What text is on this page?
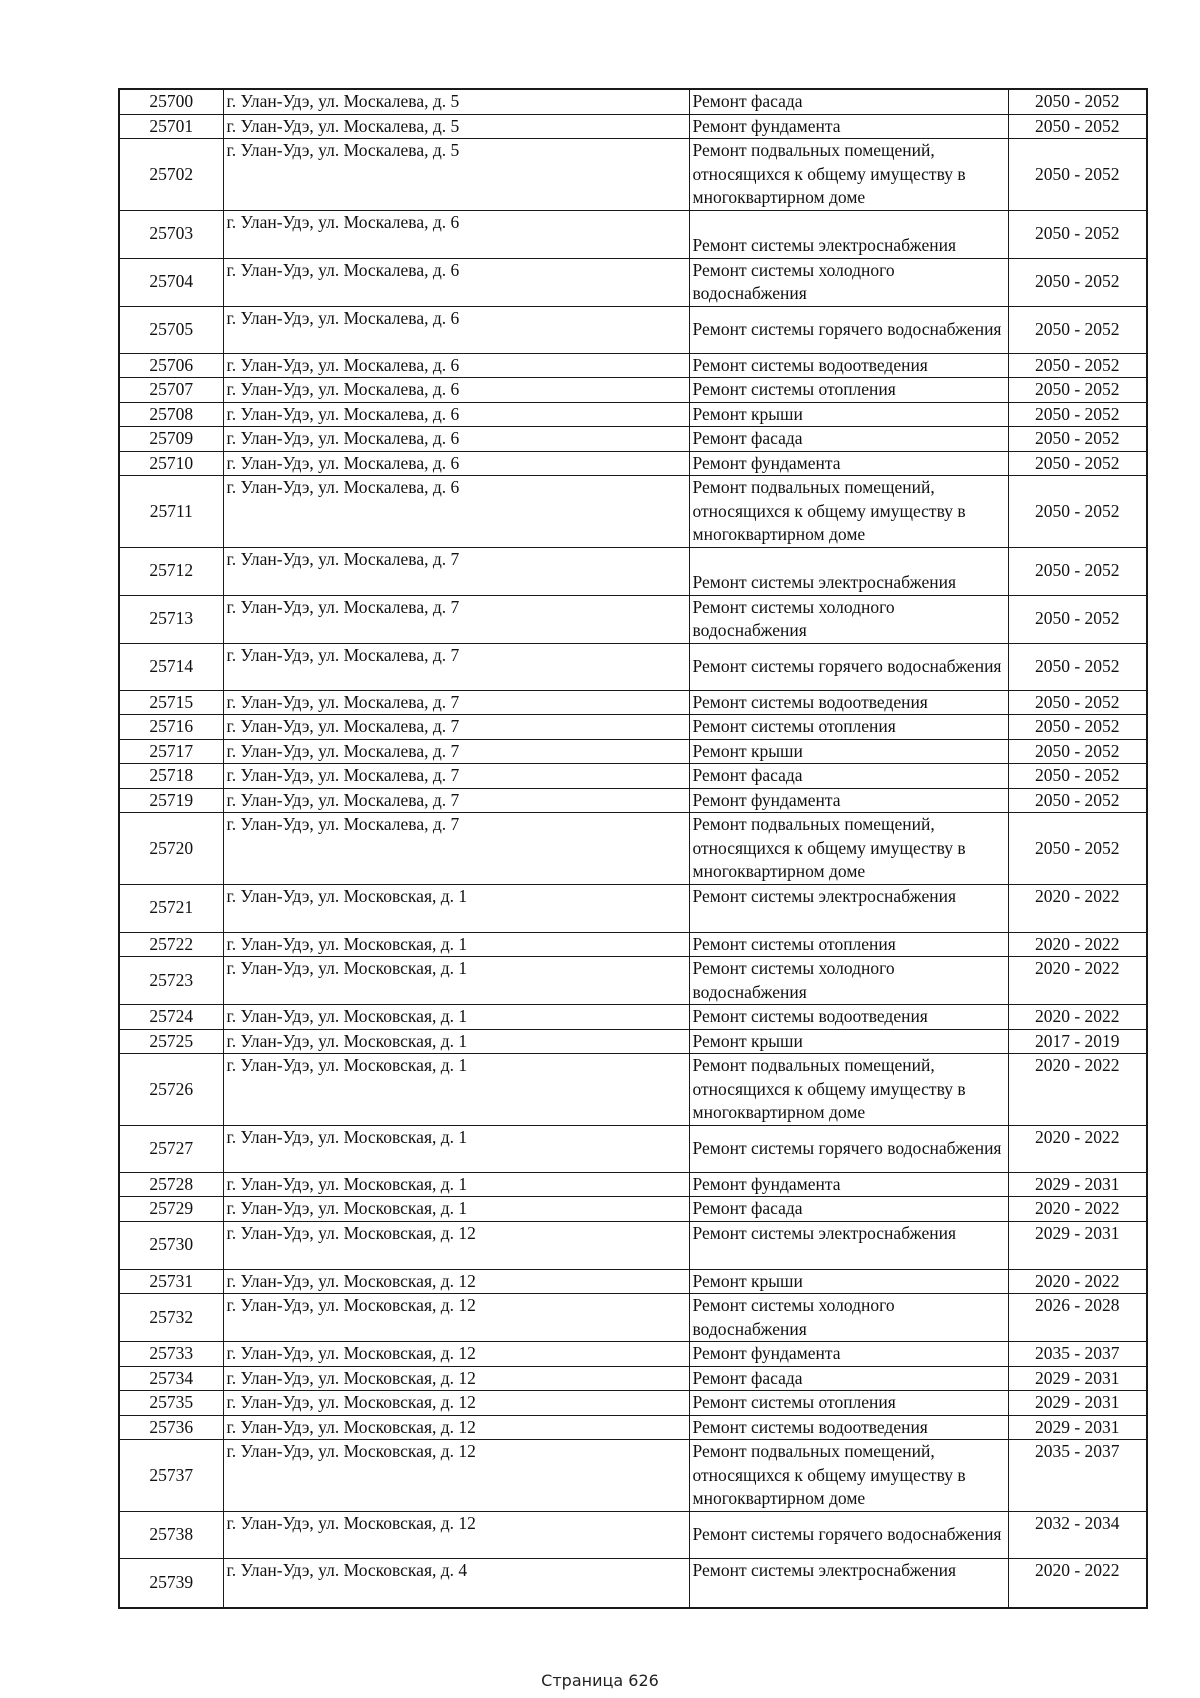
25700	г. Улан-Удэ, ул. Москалева, д. 5	Ремонт фасада	2050 - 2052
25701	г. Улан-Удэ, ул. Москалева, д. 5	Ремонт фундамента	2050 - 2052
25702	г. Улан-Удэ, ул. Москалева, д. 5	Ремонт подвальных помещений, относящихся к общему имуществу в многоквартирном доме	2050 - 2052
25703	г. Улан-Удэ, ул. Москалева, д. 6	Ремонт системы электроснабжения	2050 - 2052
25704	г. Улан-Удэ, ул. Москалева, д. 6	Ремонт системы холодного водоснабжения	2050 - 2052
25705	г. Улан-Удэ, ул. Москалева, д. 6	Ремонт системы горячего водоснабжения	2050 - 2052
25706	г. Улан-Удэ, ул. Москалева, д. 6	Ремонт системы водоотведения	2050 - 2052
25707	г. Улан-Удэ, ул. Москалева, д. 6	Ремонт системы отопления	2050 - 2052
25708	г. Улан-Удэ, ул. Москалева, д. 6	Ремонт крыши	2050 - 2052
25709	г. Улан-Удэ, ул. Москалева, д. 6	Ремонт фасада	2050 - 2052
25710	г. Улан-Удэ, ул. Москалева, д. 6	Ремонт фундамента	2050 - 2052
25711	г. Улан-Удэ, ул. Москалева, д. 6	Ремонт подвальных помещений, относящихся к общему имуществу в многоквартирном доме	2050 - 2052
25712	г. Улан-Удэ, ул. Москалева, д. 7	Ремонт системы электроснабжения	2050 - 2052
25713	г. Улан-Удэ, ул. Москалева, д. 7	Ремонт системы холодного водоснабжения	2050 - 2052
25714	г. Улан-Удэ, ул. Москалева, д. 7	Ремонт системы горячего водоснабжения	2050 - 2052
25715	г. Улан-Удэ, ул. Москалева, д. 7	Ремонт системы водоотведения	2050 - 2052
25716	г. Улан-Удэ, ул. Москалева, д. 7	Ремонт системы отопления	2050 - 2052
25717	г. Улан-Удэ, ул. Москалева, д. 7	Ремонт крыши	2050 - 2052
25718	г. Улан-Удэ, ул. Москалева, д. 7	Ремонт фасада	2050 - 2052
25719	г. Улан-Удэ, ул. Москалева, д. 7	Ремонт фундамента	2050 - 2052
25720	г. Улан-Удэ, ул. Москалева, д. 7	Ремонт подвальных помещений, относящихся к общему имуществу в многоквартирном доме	2050 - 2052
25721	г. Улан-Удэ, ул. Московская, д. 1	Ремонт системы электроснабжения	2020 - 2022
25722	г. Улан-Удэ, ул. Московская, д. 1	Ремонт системы отопления	2020 - 2022
25723	г. Улан-Удэ, ул. Московская, д. 1	Ремонт системы холодного водоснабжения	2020 - 2022
25724	г. Улан-Удэ, ул. Московская, д. 1	Ремонт системы водоотведения	2020 - 2022
25725	г. Улан-Удэ, ул. Московская, д. 1	Ремонт крыши	2017 - 2019
25726	г. Улан-Удэ, ул. Московская, д. 1	Ремонт подвальных помещений, относящихся к общему имуществу в многоквартирном доме	2020 - 2022
25727	г. Улан-Удэ, ул. Московская, д. 1	Ремонт системы горячего водоснабжения	2020 - 2022
25728	г. Улан-Удэ, ул. Московская, д. 1	Ремонт фундамента	2029 - 2031
25729	г. Улан-Удэ, ул. Московская, д. 1	Ремонт фасада	2020 - 2022
25730	г. Улан-Удэ, ул. Московская, д. 12	Ремонт системы электроснабжения	2029 - 2031
25731	г. Улан-Удэ, ул. Московская, д. 12	Ремонт крыши	2020 - 2022
25732	г. Улан-Удэ, ул. Московская, д. 12	Ремонт системы холодного водоснабжения	2026 - 2028
25733	г. Улан-Удэ, ул. Московская, д. 12	Ремонт фундамента	2035 - 2037
25734	г. Улан-Удэ, ул. Московская, д. 12	Ремонт фасада	2029 - 2031
25735	г. Улан-Удэ, ул. Московская, д. 12	Ремонт системы отопления	2029 - 2031
25736	г. Улан-Удэ, ул. Московская, д. 12	Ремонт системы водоотведения	2029 - 2031
25737	г. Улан-Удэ, ул. Московская, д. 12	Ремонт подвальных помещений, относящихся к общему имуществу в многоквартирном доме	2035 - 2037
25738	г. Улан-Удэ, ул. Московская, д. 12	Ремонт системы горячего водоснабжения	2032 - 2034
25739	г. Улан-Удэ, ул. Московская, д. 4	Ремонт системы электроснабжения	2020 - 2022
Страница 626
